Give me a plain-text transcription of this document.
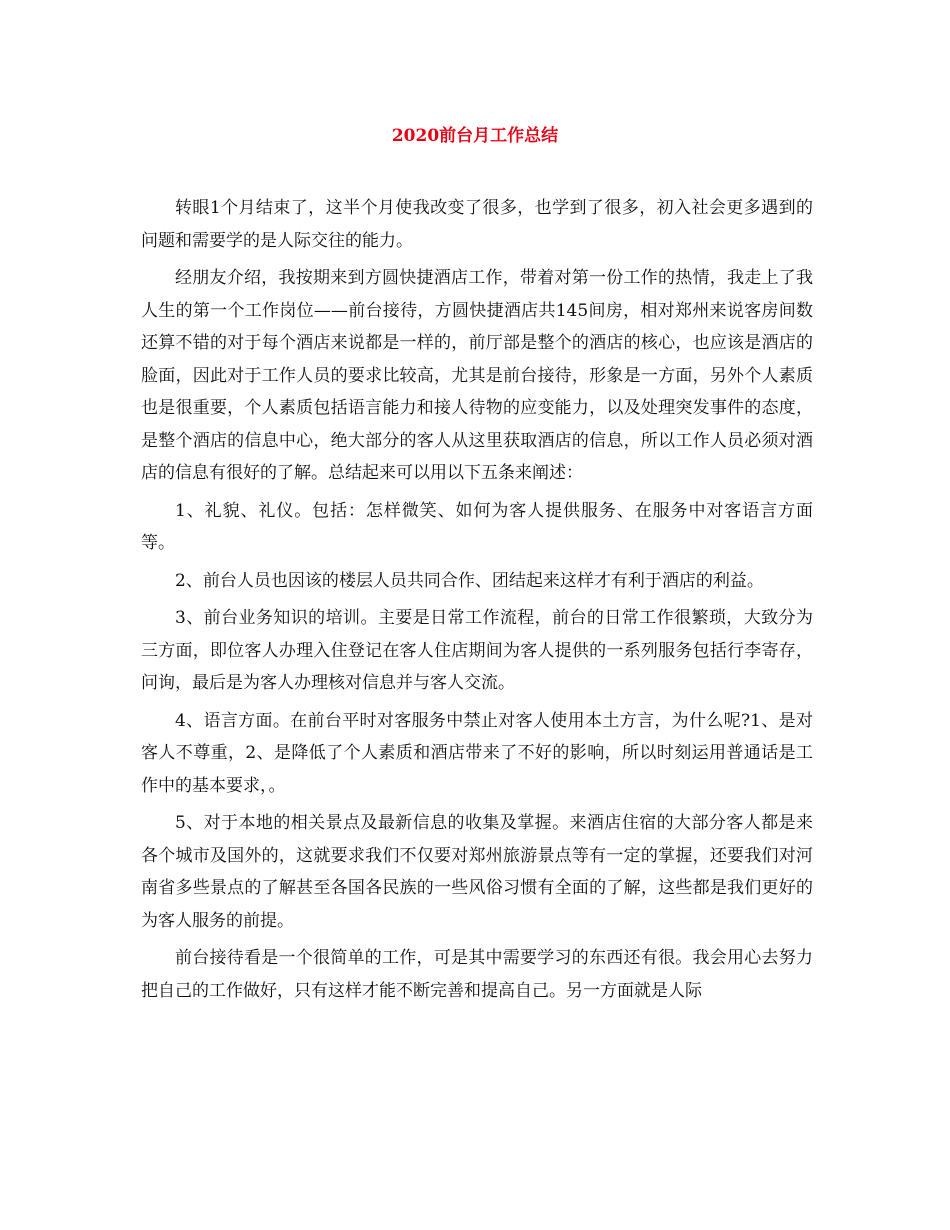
2020前台月工作总结

转眼1个月结束了，这半个月使我改变了很多，也学到了很多，初入社会更多遇到的问题和需要学的是人际交往的能力。

经朋友介绍，我按期来到方圆快捷酒店工作，带着对第一份工作的热情，我走上了我人生的第一个工作岗位——前台接待，方圆快捷酒店共145间房，相对郑州来说客房间数还算不错的对于每个酒店来说都是一样的，前厅部是整个的酒店的核心，也应该是酒店的脸面，因此对于工作人员的要求比较高，尤其是前台接待，形象是一方面，另外个人素质也是很重要，个人素质包括语言能力和接人待物的应变能力，以及处理突发事件的态度，是整个酒店的信息中心，绝大部分的客人从这里获取酒店的信息，所以工作人员必须对酒店的信息有很好的了解。总结起来可以用以下五条来阐述：

1、礼貌、礼仪。包括：怎样微笑、如何为客人提供服务、在服务中对客语言方面等。

2、前台人员也因该的楼层人员共同合作、团结起来这样才有利于酒店的利益。

3、前台业务知识的培训。主要是日常工作流程，前台的日常工作很繁琐，大致分为三方面，即位客人办理入住登记在客人住店期间为客人提供的一系列服务包括行李寄存，问询，最后是为客人办理核对信息并与客人交流。

4、语言方面。在前台平时对客服务中禁止对客人使用本土方言，为什么呢?1、是对客人不尊重，2、是降低了个人素质和酒店带来了不好的影响，所以时刻运用普通话是工作中的基本要求，。

5、对于本地的相关景点及最新信息的收集及掌握。来酒店住宿的大部分客人都是来各个城市及国外的，这就要求我们不仅要对郑州旅游景点等有一定的掌握，还要我们对河南省多些景点的了解甚至各国各民族的一些风俗习惯有全面的了解，这些都是我们更好的为客人服务的前提。

前台接待看是一个很简单的工作，可是其中需要学习的东西还有很。我会用心去努力把自己的工作做好，只有这样才能不断完善和提高自己。另一方面就是人际
